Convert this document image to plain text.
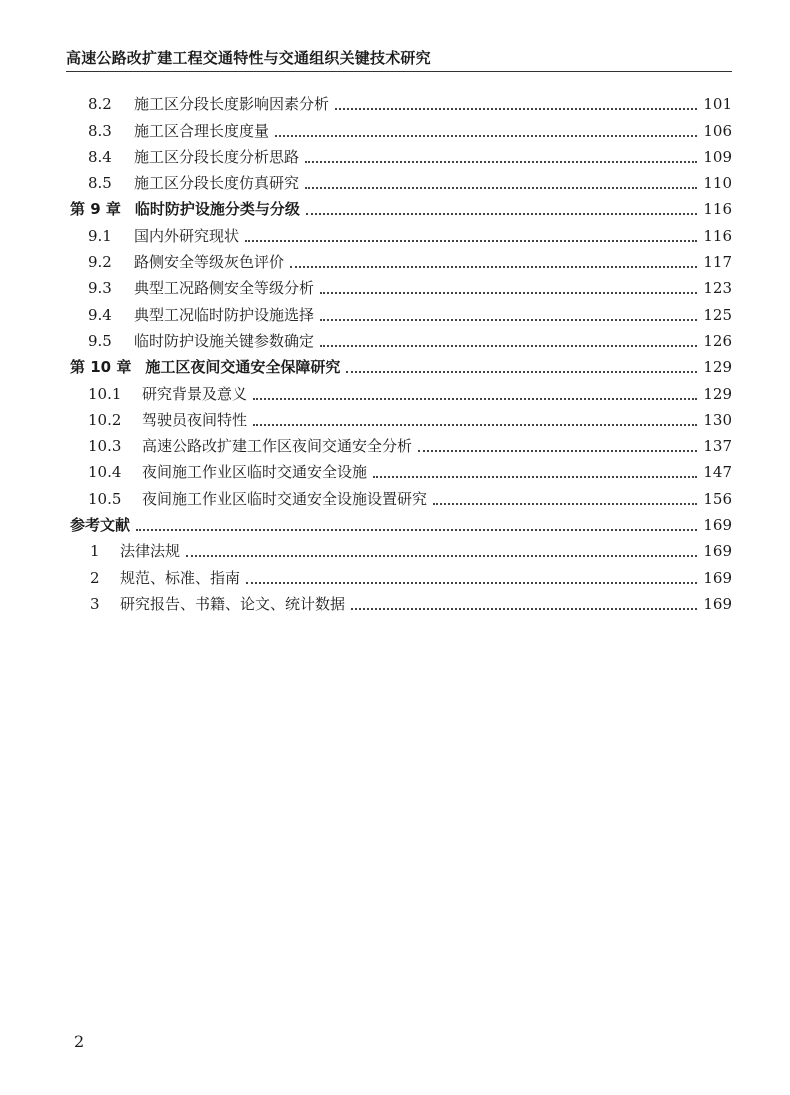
高速公路改扩建工程交通特性与交通组织关键技术研究
8.2	施工区分段长度影响因素分析	101
8.3	施工区合理长度度量	106
8.4	施工区分段长度分析思路	109
8.5	施工区分段长度仿真研究	110
第 9 章 临时防护设施分类与分级	116
9.1	国内外研究现状	116
9.2	路侧安全等级灰色评价	117
9.3	典型工况路侧安全等级分析	123
9.4	典型工况临时防护设施选择	125
9.5	临时防护设施关键参数确定	126
第 10 章 施工区夜间交通安全保障研究	129
10.1	研究背景及意义	129
10.2	驾驶员夜间特性	130
10.3	高速公路改扩建工作区夜间交通安全分析	137
10.4	夜间施工作业区临时交通安全设施	147
10.5	夜间施工作业区临时交通安全设施设置研究	156
参考文献	169
1	法律法规	169
2	规范、标准、指南	169
3	研究报告、书籍、论文、统计数据	169
2
